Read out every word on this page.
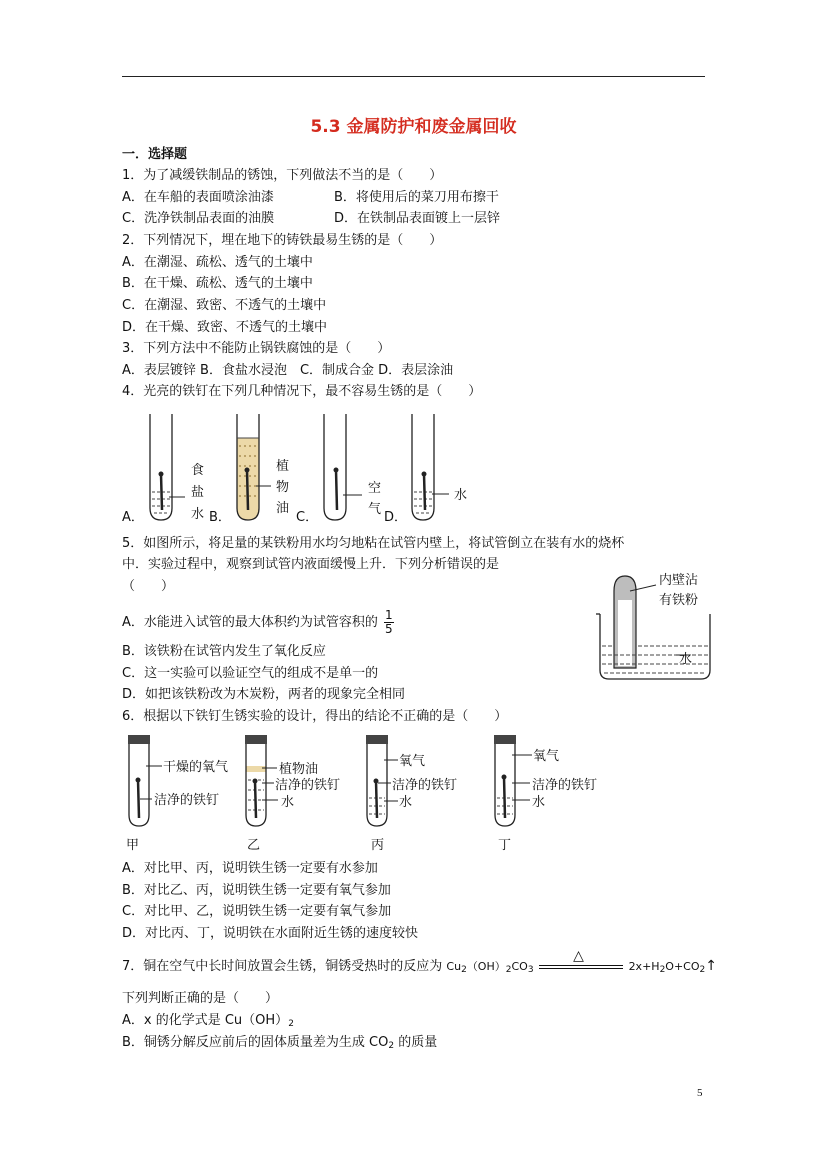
5.3 金属防护和废金属回收
一．选择题
1．为了减缓铁制品的锈蚀，下列做法不当的是（　　）
A．在车船的表面喷涂油漆	B．将使用后的菜刀用布擦干
C．洗净铁制品表面的油膜	D．在铁制品表面镀上一层锌
2．下列情况下，埋在地下的铸铁最易生锈的是（　　）
A．在潮湿、疏松、透气的土壤中
B．在干燥、疏松、透气的土壤中
C．在潮湿、致密、不透气的土壤中
D．在干燥、致密、不透气的土壤中
3．下列方法中不能防止锅铁腐蚀的是（　　）
A．表层镀锌 B．食盐水浸泡　C．制成合金 D．表层涂油
4．光亮的铁钉在下列几种情况下，最不容易生锈的是（　　）
A．	B．	C．	D．
食
盐
水
植
物
油
空
气
水
内壁沾
有铁粉
水
干燥的氧气
洁净的铁钉
植物油
洁净的铁钉
水
氧气
洁净的铁钉
水
氧气
洁净的铁钉
水
5．如图所示，将足量的某铁粉用水均匀地粘在试管内壁上，将试管倒立在装有水的烧杯
中．实验过程中，观察到试管内液面缓慢上升．下列分析错误的是
（　　）
A．水能进入试管的最大体积约为试管容积的 $\frac{1}{5}$
B．该铁粉在试管内发生了氧化反应
C．这一实验可以验证空气的组成不是单一的
D．如把该铁粉改为木炭粉，两者的现象完全相同
6．根据以下铁钉生锈实验的设计，得出的结论不正确的是（　　）
甲	乙	丙	丁
A．对比甲、丙，说明铁生锈一定要有水参加
B．对比乙、丙，说明铁生锈一定要有氧气参加
C．对比甲、乙，说明铁生锈一定要有氧气参加
D．对比丙、丁，说明铁在水面附近生锈的速度较快
7．铜在空气中长时间放置会生锈，铜锈受热时的反应为 $Cu_2(OH)_2CO_3$
△
$2x+H_2O+CO_2↑$
下列判断正确的是（　　）
A．x 的化学式是 $Cu(OH)_2$
B．铜锈分解反应前后的固体质量差为生成 $CO_2$ 的质量
5
